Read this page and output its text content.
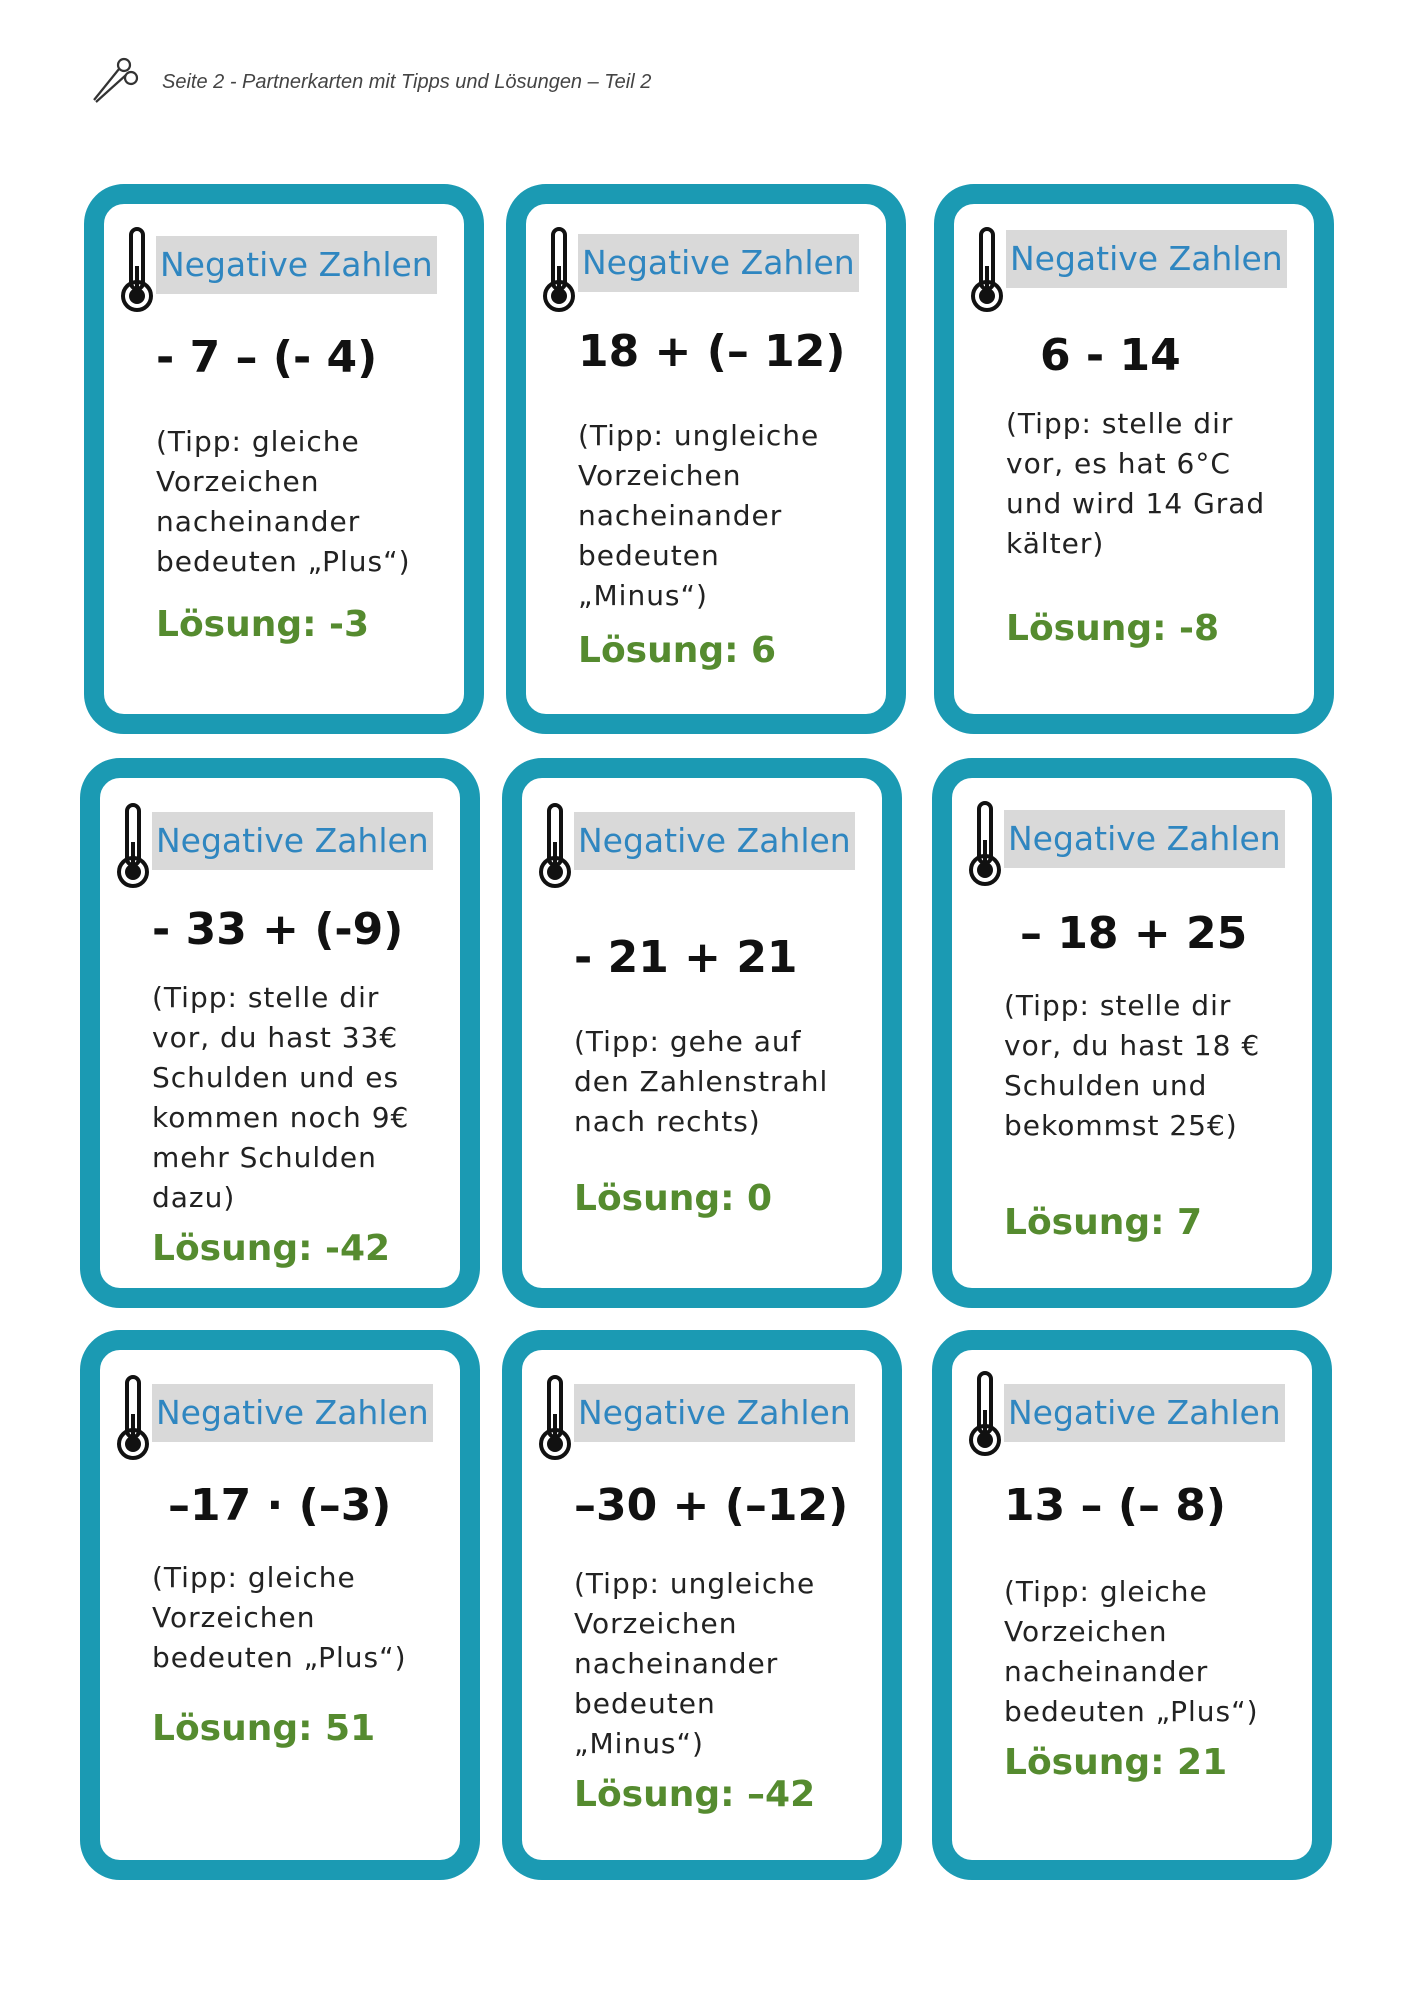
Seite 2 - Partnerkarten mit Tipps und Lösungen – Teil 2
Negative Zahlen
- 7 – (- 4)
(Tipp: gleiche
Vorzeichen
nacheinander
bedeuten „Plus“)
Lösung: -3
Negative Zahlen
18 + (– 12)
(Tipp: ungleiche
Vorzeichen
nacheinander
bedeuten
„Minus“)
Lösung: 6
Negative Zahlen
6 - 14
(Tipp: stelle dir
vor, es hat 6°C
und wird 14 Grad
kälter)
Lösung: -8
Negative Zahlen
- 33 + (-9)
(Tipp: stelle dir
vor, du hast 33€
Schulden und es
kommen noch 9€
mehr Schulden
dazu)
Lösung: -42
Negative Zahlen
- 21 + 21
(Tipp: gehe auf
den Zahlenstrahl
nach rechts)
Lösung: 0
Negative Zahlen
– 18 + 25
(Tipp: stelle dir
vor, du hast 18 €
Schulden und
bekommst 25€)
Lösung: 7
Negative Zahlen
–17 · (–3)
(Tipp: gleiche
Vorzeichen
bedeuten „Plus“)
Lösung: 51
Negative Zahlen
–30 + (–12)
(Tipp: ungleiche
Vorzeichen
nacheinander
bedeuten
„Minus“)
Lösung: –42
Negative Zahlen
13 – (– 8)
(Tipp: gleiche
Vorzeichen
nacheinander
bedeuten „Plus“)
Lösung: 21
